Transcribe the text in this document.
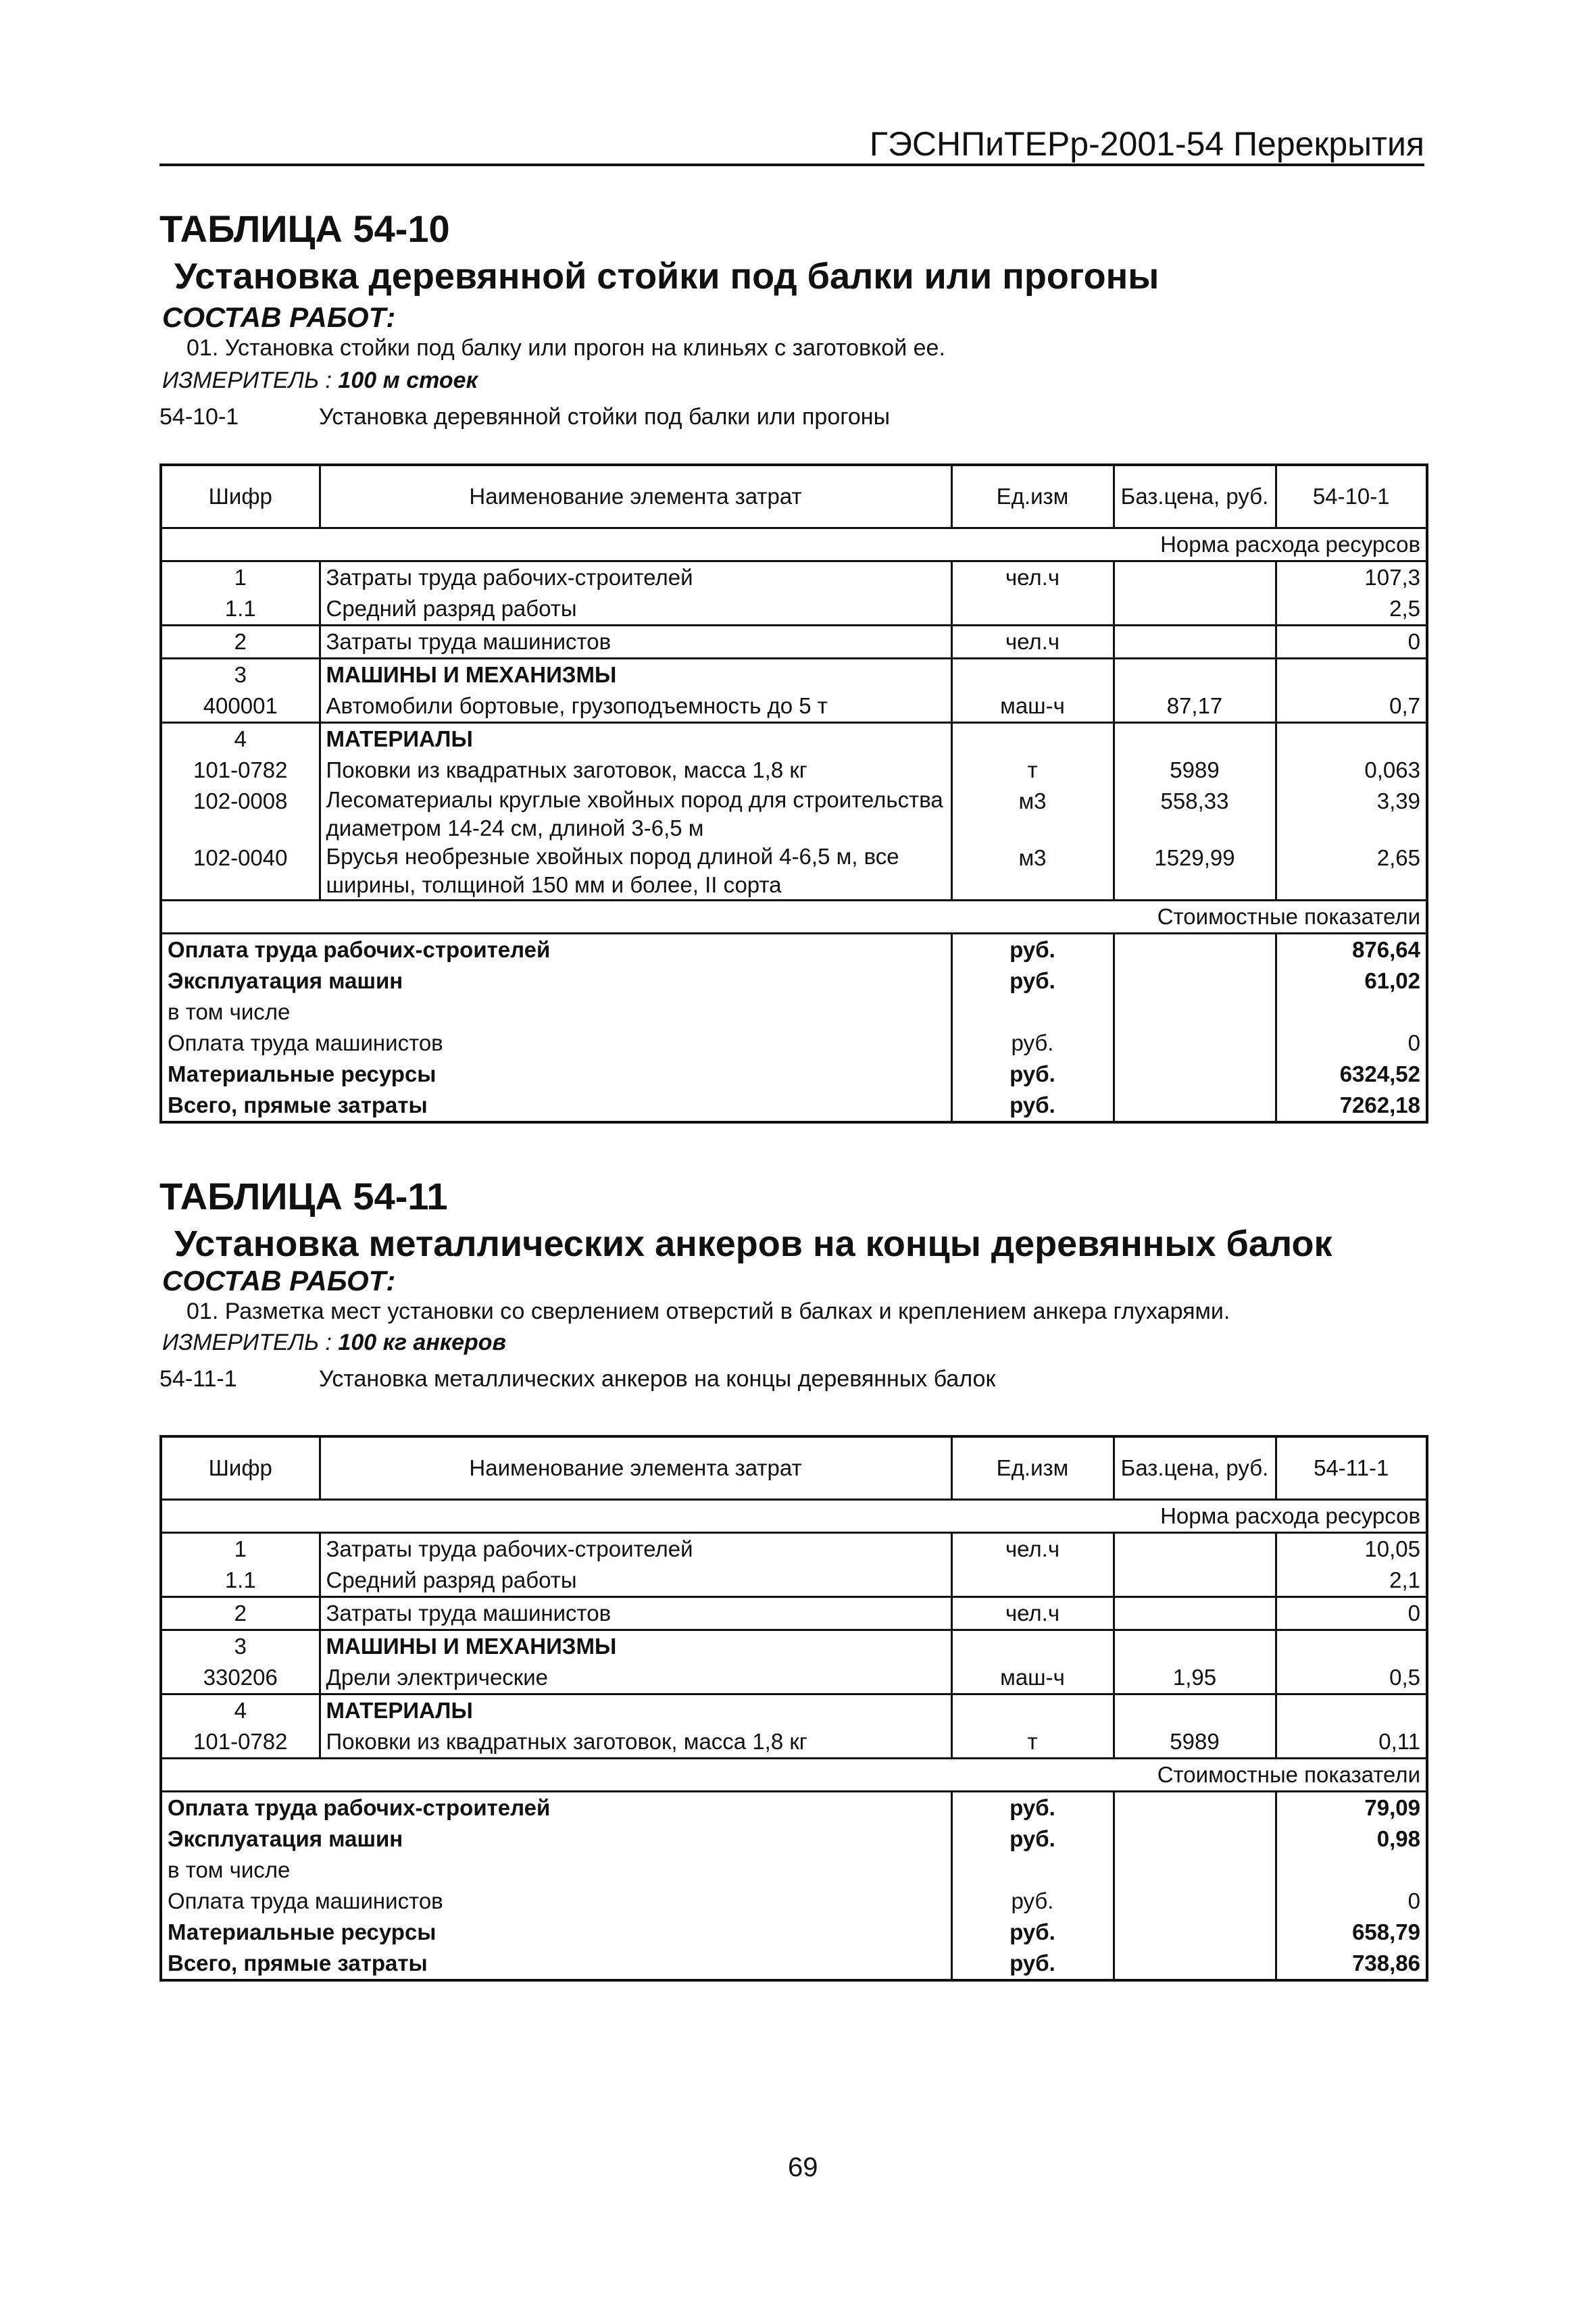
ГЭСНПиТЕРр-2001-54 Перекрытия
ТАБЛИЦА 54-10
Установка деревянной стойки под балки или прогоны
СОСТАВ РАБОТ:
01. Установка стойки под балку или прогон на клиньях с заготовкой ее.
ИЗМЕРИТЕЛЬ : 100 м стоек
54-10-1	Установка деревянной стойки под балки или прогоны
Шифр	Наименование элемента затрат	Ед.изм	Баз.цена, руб.	54-10-1
Норма расхода ресурсов				
1	Затраты труда рабочих-строителей	чел.ч		107,3
1.1	Средний разряд работы			2,5
2	Затраты труда машинистов	чел.ч		0
3	МАШИНЫ И МЕХАНИЗМЫ			
400001	Автомобили бортовые, грузоподъемность до 5 т	маш-ч	87,17	0,7
4	МАТЕРИАЛЫ			
101-0782	Поковки из квадратных заготовок, масса 1,8 кг	т	5989	0,063
102-0008	Лесоматериалы круглые хвойных пород для строительства диаметром 14-24 см, длиной 3-6,5 м	м3	558,33	3,39
102-0040	Брусья необрезные хвойных пород длиной 4-6,5 м, все ширины, толщиной 150 мм и более, II сорта	м3	1529,99	2,65
Стоимостные показатели				
Оплата труда рабочих-строителей		руб.		876,64
Эксплуатация машин		руб.		61,02
в том числе				
Оплата труда машинистов		руб.		0
Материальные ресурсы		руб.		6324,52
Всего, прямые затраты		руб.		7262,18
ТАБЛИЦА 54-11
Установка металлических анкеров на концы деревянных балок
СОСТАВ РАБОТ:
01. Разметка мест установки со сверлением отверстий в балках и креплением анкера глухарями.
ИЗМЕРИТЕЛЬ : 100 кг анкеров
54-11-1	Установка металлических анкеров на концы деревянных балок
Шифр	Наименование элемента затрат	Ед.изм	Баз.цена, руб.	54-11-1
Норма расхода ресурсов				
1	Затраты труда рабочих-строителей	чел.ч		10,05
1.1	Средний разряд работы			2,1
2	Затраты труда машинистов	чел.ч		0
3	МАШИНЫ И МЕХАНИЗМЫ			
330206	Дрели электрические	маш-ч	1,95	0,5
4	МАТЕРИАЛЫ			
101-0782	Поковки из квадратных заготовок, масса 1,8 кг	т	5989	0,11
Стоимостные показатели				
Оплата труда рабочих-строителей		руб.		79,09
Эксплуатация машин		руб.		0,98
в том числе				
Оплата труда машинистов		руб.		0
Материальные ресурсы		руб.		658,79
Всего, прямые затраты		руб.		738,86
69
